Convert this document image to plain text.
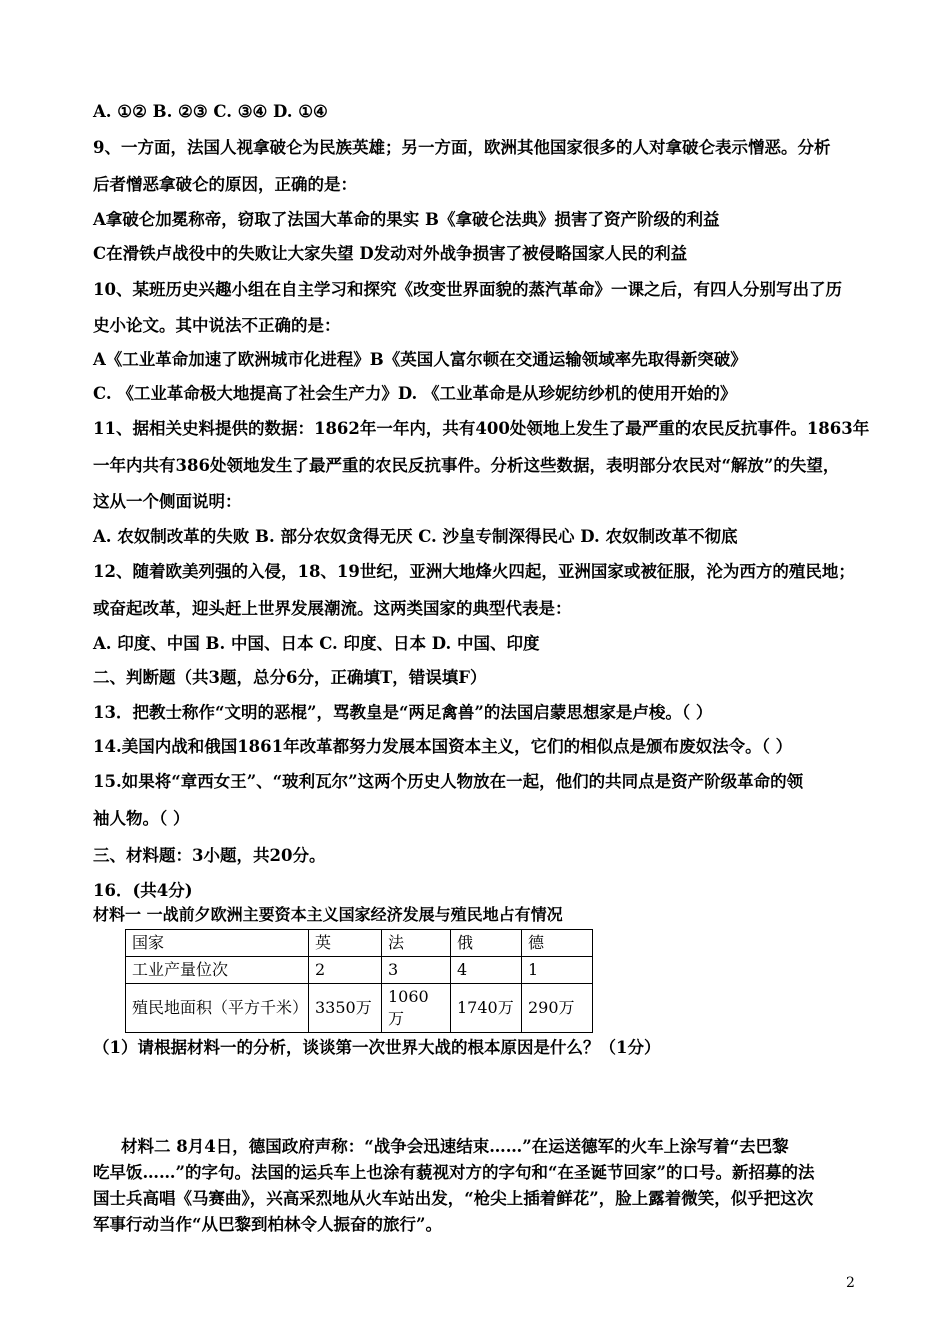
A. ①② B. ②③ C. ③④ D. ①④
9、一方面，法国人视拿破仑为民族英雄；另一方面，欧洲其他国家很多的人对拿破仑表示憎恶。分析
后者憎恶拿破仑的原因，正确的是：
A拿破仑加冕称帝，窃取了法国大革命的果实 B《拿破仑法典》损害了资产阶级的利益
C在滑铁卢战役中的失败让大家失望 D发动对外战争损害了被侵略国家人民的利益
10、某班历史兴趣小组在自主学习和探究《改变世界面貌的蒸汽革命》一课之后，有四人分别写出了历
史小论文。其中说法不正确的是：
A《工业革命加速了欧洲城市化进程》B《英国人富尔顿在交通运输领域率先取得新突破》
C. 《工业革命极大地提高了社会生产力》D. 《工业革命是从珍妮纺纱机的使用开始的》
11、据相关史料提供的数据：1862年一年内，共有400处领地上发生了最严重的农民反抗事件。1863年
一年内共有386处领地发生了最严重的农民反抗事件。分析这些数据，表明部分农民对“解放”的失望，
这从一个侧面说明：
A. 农奴制改革的失败 B. 部分农奴贪得无厌 C. 沙皇专制深得民心 D. 农奴制改革不彻底
12、随着欧美列强的入侵，18、19世纪，亚洲大地烽火四起，亚洲国家或被征服，沦为西方的殖民地；
或奋起改革，迎头赶上世界发展潮流。这两类国家的典型代表是：
A. 印度、中国 B. 中国、日本 C. 印度、日本 D. 中国、印度
二、判断题（共3题，总分6分，正确填T，错误填F）
13．把教士称作“文明的恶棍”，骂教皇是“两足禽兽”的法国启蒙思想家是卢梭。（ ）
14.美国内战和俄国1861年改革都努力发展本国资本主义，它们的相似点是颁布废奴法令。（ ）
15.如果将“章西女王”、“玻利瓦尔”这两个历史人物放在一起，他们的共同点是资产阶级革命的领
袖人物。（ ）
三、材料题：3小题，共20分。
16．(共4分)
材料一 一战前夕欧洲主要资本主义国家经济发展与殖民地占有情况
国家	英	法	俄	德
工业产量位次	2	3	4	1
殖民地面积（平方千米）	3350万	1060万	1740万	290万
（1）请根据材料一的分析，谈谈第一次世界大战的根本原因是什么？（1分）
材料二 8月4日，德国政府声称：“战争会迅速结束……”在运送德军的火车上涂写着“去巴黎
吃早饭……”的字句。法国的运兵车上也涂有藐视对方的字句和“在圣诞节回家”的口号。新招募的法
国士兵高唱《马赛曲》，兴高采烈地从火车站出发，“枪尖上插着鲜花”，脸上露着微笑，似乎把这次
军事行动当作“从巴黎到柏林令人振奋的旅行”。
2
